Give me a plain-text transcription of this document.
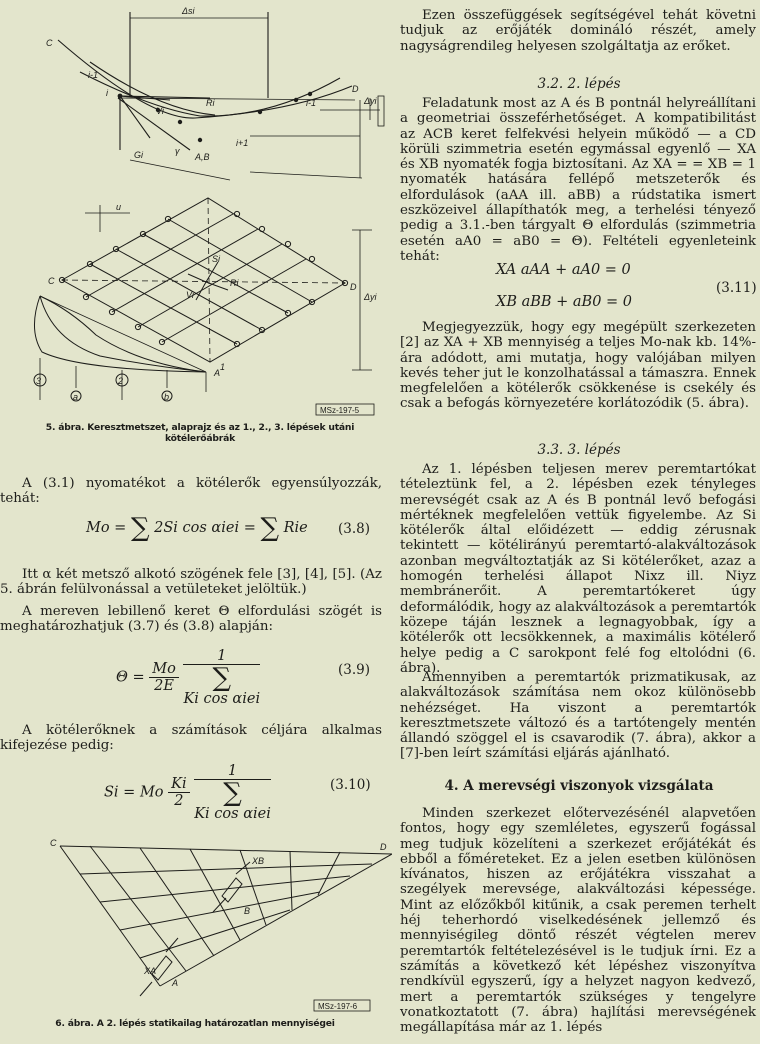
Δsi
C
D
i
i-1
i-1
i+1
Gi
Ri
A,B
Vi
γ
Δyi
u
C
D
Δyi
Ri
Si
Vi
A
3	2
a	b
1
MSz-197-5
5. ábra. Keresztmetszet, alaprajz és az 1., 2., 3. lépések utáni
kötélerőábrák

A (3.1) nyomatékot a kötélerők egyensúlyozzák, tehát:

Mo = ∑ 2Si cos αiei = ∑ Rie (3.8)

Itt α két metsző alkotó szögének fele [3], [4], [5]. (Az 5. ábrán felülvonással a vetületeket jelöltük.)

A mereven lebillenő keret Θ elfordulási szögét is meghatározhatjuk (3.7) és (3.8) alapján:

$\Theta = \frac{Mo}{2E}$
1
∑
Ki cos αiei	(3.9)

A kötélerőknek a számítások céljára alkalmas kifejezése pedig:

Si = Mo $\frac{Ki}{2}$
1
∑
Ki cos αiei	(3.10)
XB
XA
A
B
C	D
MSz-197-6
6. ábra. A 2. lépés statikailag határozatlan mennyiségei

Ezen összefüggések segítségével tehát követni tudjuk az erőjáték domináló részét, amely nagyságrendileg helyesen szolgáltatja az erőket.

3.2. 2. lépés

Feladatunk most az A és B pontnál helyreállítani a geometriai összeférhetőséget. A kompatibilitást az ACB keret felfekvési helyein működő — a CD körüli szimmetria esetén egymással egyenlő — XA és XB nyomaték fogja biztosítani. Az XA = = XB = 1 nyomaték hatására fellépő metszeterők és elfordulások (aAA ill. aBB) a rúdstatika ismert eszközeivel állapíthatók meg, a terhelési tényező pedig a 3.1.-ben tárgyalt Θ elfordulás (szimmetria esetén aA0 = aB0 = Θ). Feltételi egyenleteink tehát:

XA aAA + aA0 = 0
XB aBB + aB0 = 0
(3.11)

Megjegyezzük, hogy egy megépült szerkezeten [2] az XA + XB mennyiség a teljes Mo-nak kb. 14%-ára adódott, ami mutatja, hogy valójában milyen kevés teher jut le konzolhatással a támaszra. Ennek megfelelően a kötélerők csökkenése is csekély és csak a befogás környezetére korlátozódik (5. ábra).

3.3. 3. lépés

Az 1. lépésben teljesen merev peremtartókat tételeztünk fel, a 2. lépésben ezek tényleges merevségét csak az A és B pontnál levő befogási mértéknek megfelelően vettük figyelembe. Az Si kötélerők által előidézett — eddig zérusnak tekintett — kötélirányú peremtartó-alakváltozások azonban megváltoztatják az Si kötélerőket, azaz a homogén terhelési állapot Nixz ill. Niyz membránerőit. A peremtartókeret úgy deformálódik, hogy az alakváltozások a peremtartók közepe táján lesznek a legnagyobbak, így a kötélerők ott lecsökkennek, a maximális kötélerő helye pedig a C sarokpont felé fog eltolódni (6. ábra).

Amennyiben a peremtartók prizmatikusak, az alakváltozások számítása nem okoz különösebb nehézséget. Ha viszont a peremtartók keresztmetszete változó és a tartótengely mentén állandó szöggel el is csavarodik (7. ábra), akkor a [7]-ben leírt számítási eljárás ajánlható.

4. A merevségi viszonyok vizsgálata

Minden szerkezet előtervezésénél alapvetően fontos, hogy egy szemléletes, egyszerű fogással meg tudjuk közelíteni a szerkezet erőjátékát és ebből a főméreteket. Ez a jelen esetben különösen kívánatos, hiszen az erőjátékra visszahat a szegélyek merevsége, alakváltozási képessége. Mint az előzőkből kitűnik, a csak peremen terhelt héj teherhordó viselkedésének jellemző és mennyiségileg döntő részét végtelen merev peremtartók feltételezésével is le tudjuk írni. Ez a számítás a következő két lépéshez viszonyítva rendkívül egyszerű, így a helyzet nagyon kedvező, mert a peremtartók szükséges y tengelyre vonatkoztatott (7. ábra) hajlítási merevségének megállapítása már az 1. lépés
